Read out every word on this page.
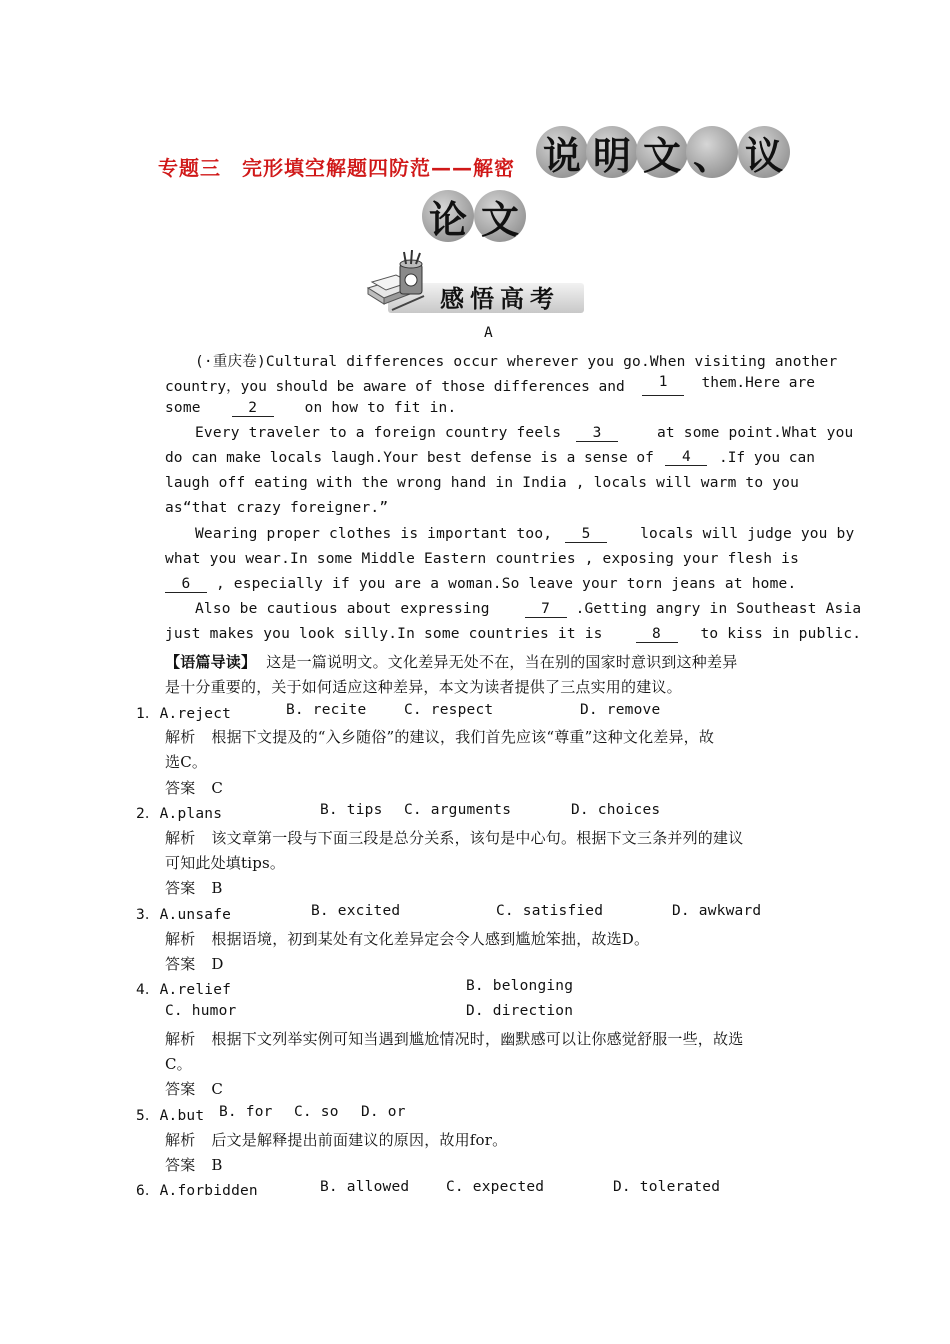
专题三　完形填空解题四防范——解密 说 明 文 、 议
论 文
感悟高考
A
(·重庆卷)Cultural differences occur wherever you go.When visiting another
country，you should be aware of those differences and	1	them.Here are
some	2	on how to fit in.
Every traveler to a foreign country feels 3	at some point.What you
do can make locals laugh.Your best defense is a sense of	4	.If you can
laugh off eating with the wrong hand in India , locals will warm to you
as“that crazy foreigner.”
Wearing proper clothes is important too, 5	locals will judge you by
what you wear.In some Middle Eastern countries , exposing your flesh is
6 , especially if you are a woman.So leave your torn jeans at home.
Also be cautious about expressing	7 .Getting angry in Southeast Asia
just makes you look silly.In some countries it is	8	to kiss in public.
【语篇导读】 这是一篇说明文。文化差异无处不在，当在别的国家时意识到这种差异
是十分重要的，关于如何适应这种差异，本文为读者提供了三点实用的建议。
1．A.reject	B. recite	C. respect	D. remove
解析 根据下文提及的“入乡随俗”的建议，我们首先应该“尊重”这种文化差异，故
选C。
答案 C
2．A.plans	B. tips C. arguments	D. choices
解析 该文章第一段与下面三段是总分关系，该句是中心句。根据下文三条并列的建议
可知此处填tips。
答案 B
3．A.unsafe	B. excited	C. satisfied	D. awkward
解析 根据语境，初到某处有文化差异定会令人感到尴尬笨拙，故选D。
答案 D
4．A.relief	B. belonging
C. humor	D. direction
解析 根据下文列举实例可知当遇到尴尬情况时，幽默感可以让你感觉舒服一些，故选
C。
答案 C
5．A.but B. for C. so D. or
解析 后文是解释提出前面建议的原因，故用for。
答案 B
6．A.forbidden	B. allowed	C. expected	D. tolerated
